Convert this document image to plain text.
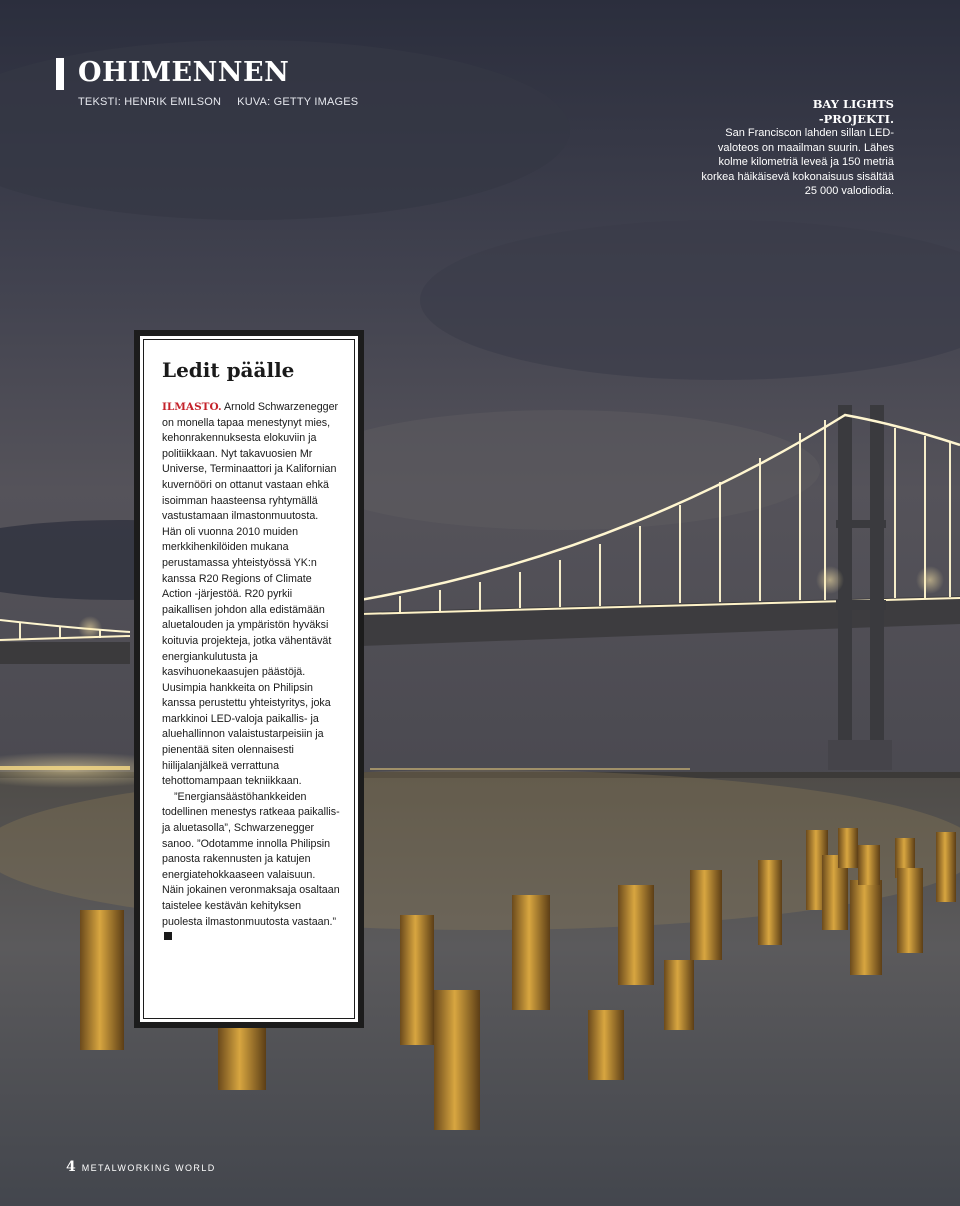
OHIMENNEN
TEKSTI: HENRIK EMILSON KUVA: GETTY IMAGES	BAY LIGHTS
-PROJEKTI.
San Franciscon lahden sillan LED-valoteos on maailman suurin. Lähes kolme kilometriä leveä ja 150 metriä korkea häikäisevä kokonaisuus sisältää 25 000 valodiodia.
Ledit päälle

ILMASTO. Arnold Schwarzenegger on monella tapaa menestynyt mies, kehonrakennuksesta elokuviin ja politiikkaan. Nyt takavuosien Mr Universe, Terminaattori ja Kalifornian kuvernööri on ottanut vastaan ehkä isoimman haasteensa ryhtymällä vastustamaan ilmastonmuutosta. Hän oli vuonna 2010 muiden merkkihenkilöiden mukana perustamassa yhteistyössä YK:n kanssa R20 Regions of Climate Action -järjestöä. R20 pyrkii paikallisen johdon alla edistämään aluetalouden ja ympäristön hyväksi koituvia projekteja, jotka vähentävät energiankulutusta ja kasvihuonekaasujen päästöjä. Uusimpia hankkeita on Philipsin kanssa perustettu yhteistyritys, joka markkinoi LED-valoja paikallis- ja aluehallinnon valaistustarpeisiin ja pienentää siten olennaisesti hiilijalanjälkeä verrattuna tehottomampaan tekniikkaan.

”Energiansäästöhankkeiden todellinen menestys ratkeaa paikallis- ja aluetasolla”, Schwarzenegger sanoo. ”Odotamme innolla Philipsin panosta rakennusten ja katujen energiatehokkaaseen valaisuun. Näin jokainen veronmaksaja osaltaan taistelee kestävän kehityksen puolesta ilmastonmuutosta vastaan.”

4 METALWORKING WORLD
